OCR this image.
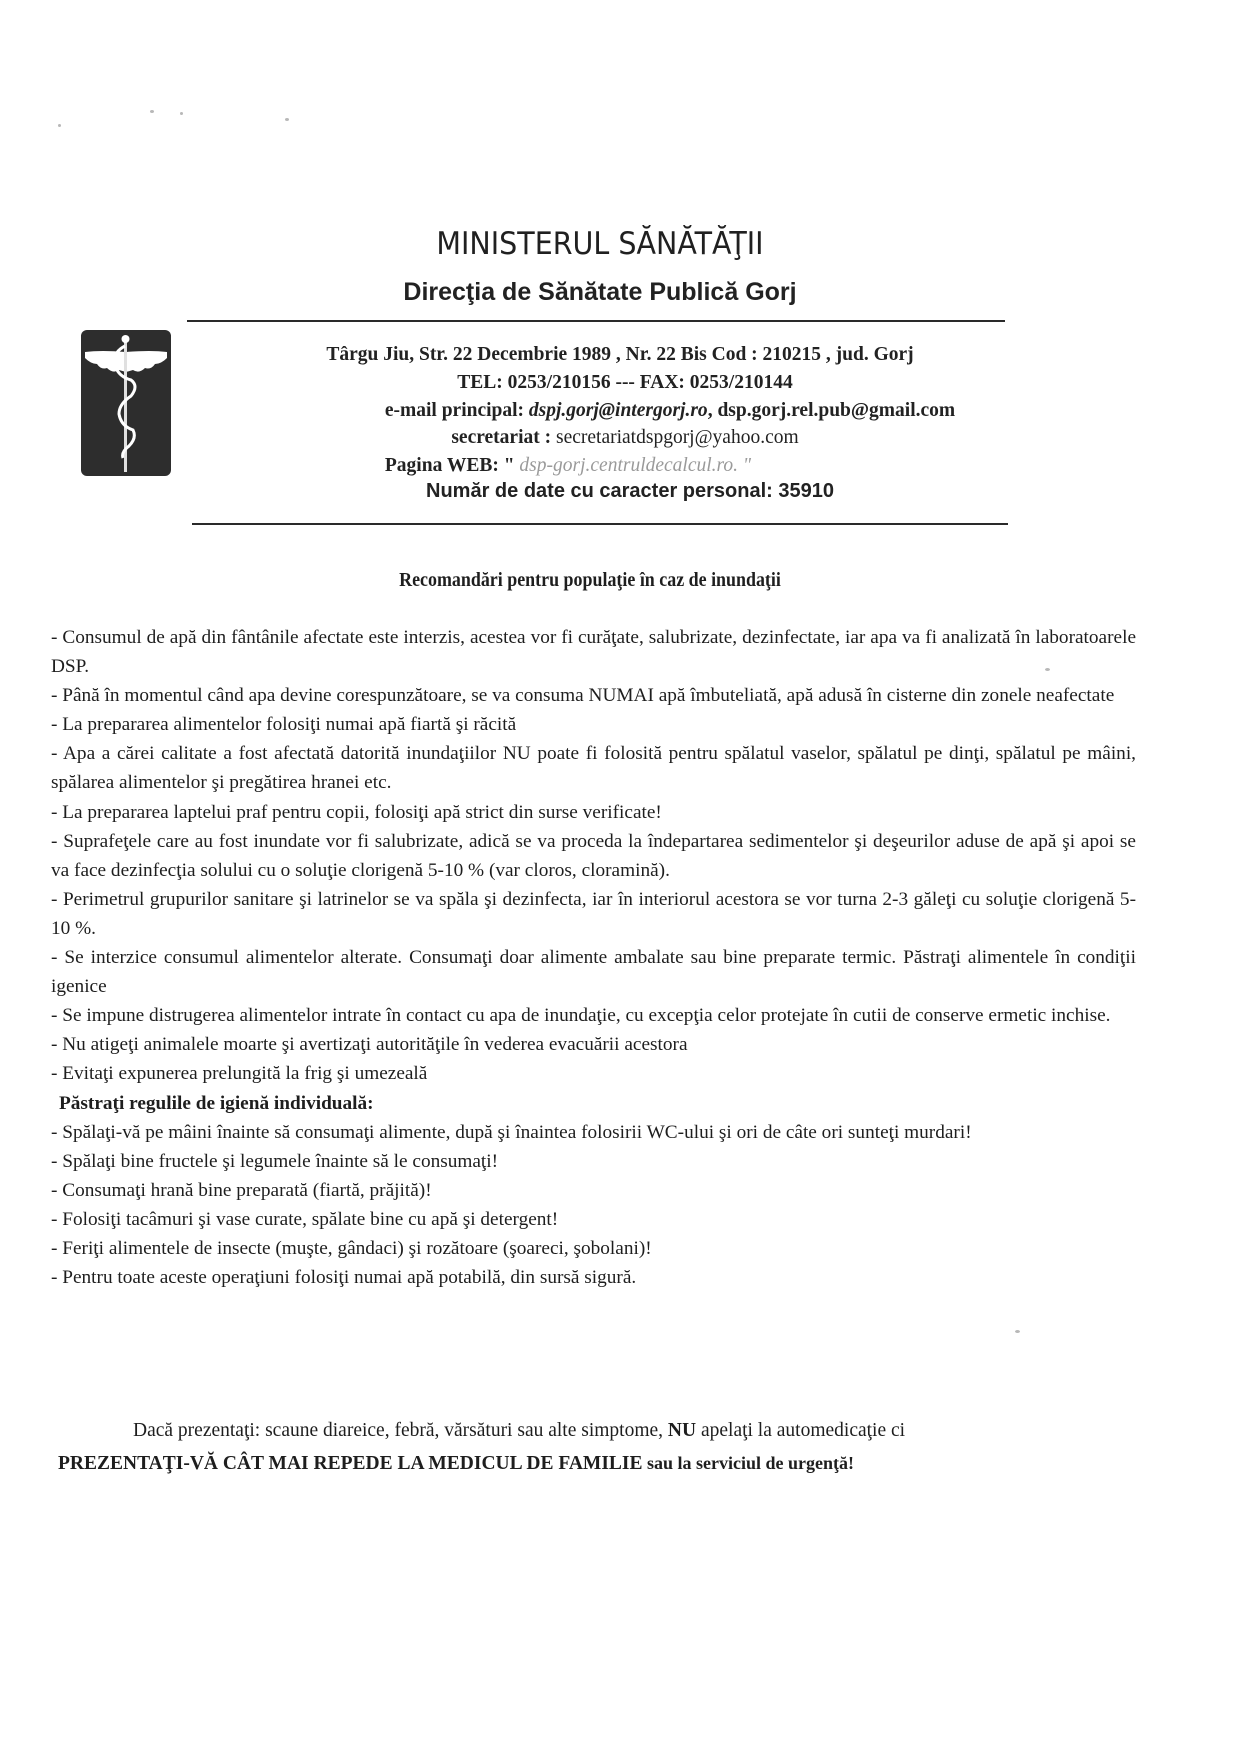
MINISTERUL SĂNĂTĂŢII
Direcţia de Sănătate Publică Gorj
Târgu Jiu, Str. 22 Decembrie 1989 , Nr. 22 Bis Cod : 210215 , jud. Gorj
TEL: 0253/210156 --- FAX: 0253/210144
e-mail principal: dspj.gorj@intergorj.ro, dsp.gorj.rel.pub@gmail.com
secretariat : secretariatdspgorj@yahoo.com
Pagina WEB: " dsp-gorj.centruldecalcul.ro. "
Număr de date cu caracter personal: 35910
Recomandări pentru populaţie în caz de inundaţii

- Consumul de apă din fântânile afectate este interzis, acestea vor fi curăţate, salubrizate, dezinfectate, iar apa va fi analizată în laboratoarele DSP.

- Până în momentul când apa devine corespunzătoare, se va consuma NUMAI apă îmbuteliată, apă adusă în cisterne din zonele neafectate

- La prepararea alimentelor folosiţi numai apă fiartă şi răcită

- Apa a cărei calitate a fost afectată datorită inundaţiilor NU poate fi folosită pentru spălatul vaselor, spălatul pe dinţi, spălatul pe mâini, spălarea alimentelor şi pregătirea hranei etc.

- La prepararea laptelui praf pentru copii, folosiţi apă strict din surse verificate!

- Suprafeţele care au fost inundate vor fi salubrizate, adică se va proceda la îndepartarea sedimentelor şi deşeurilor aduse de apă şi apoi se va face dezinfecţia solului cu o soluţie clorigenă 5-10 % (var cloros, cloramină).

- Perimetrul grupurilor sanitare şi latrinelor se va spăla şi dezinfecta, iar în interiorul acestora se vor turna 2-3 găleţi cu soluţie clorigenă 5-10 %.

- Se interzice consumul alimentelor alterate. Consumaţi doar alimente ambalate sau bine preparate termic. Păstraţi alimentele în condiţii igenice

- Se impune distrugerea alimentelor intrate în contact cu apa de inundaţie, cu excepţia celor protejate în cutii de conserve ermetic inchise.

- Nu atigeţi animalele moarte şi avertizaţi autorităţile în vederea evacuării acestora

- Evitaţi expunerea prelungită la frig şi umezeală

Păstraţi regulile de igienă individuală:

- Spălaţi-vă pe mâini înainte să consumaţi alimente, după şi înaintea folosirii WC-ului şi ori de câte ori sunteţi murdari!

- Spălaţi bine fructele şi legumele înainte să le consumaţi!

- Consumaţi hrană bine preparată (fiartă, prăjită)!

- Folosiţi tacâmuri şi vase curate, spălate bine cu apă şi detergent!

- Feriţi alimentele de insecte (muşte, gândaci) şi rozătoare (şoareci, şobolani)!

- Pentru toate aceste operaţiuni folosiţi numai apă potabilă, din sursă sigură.

Dacă prezentaţi: scaune diareice, febră, vărsături sau alte simptome, NU apelaţi la automedicaţie ci

PREZENTAŢI-VĂ CÂT MAI REPEDE LA MEDICUL DE FAMILIE sau la serviciul de urgenţă!
